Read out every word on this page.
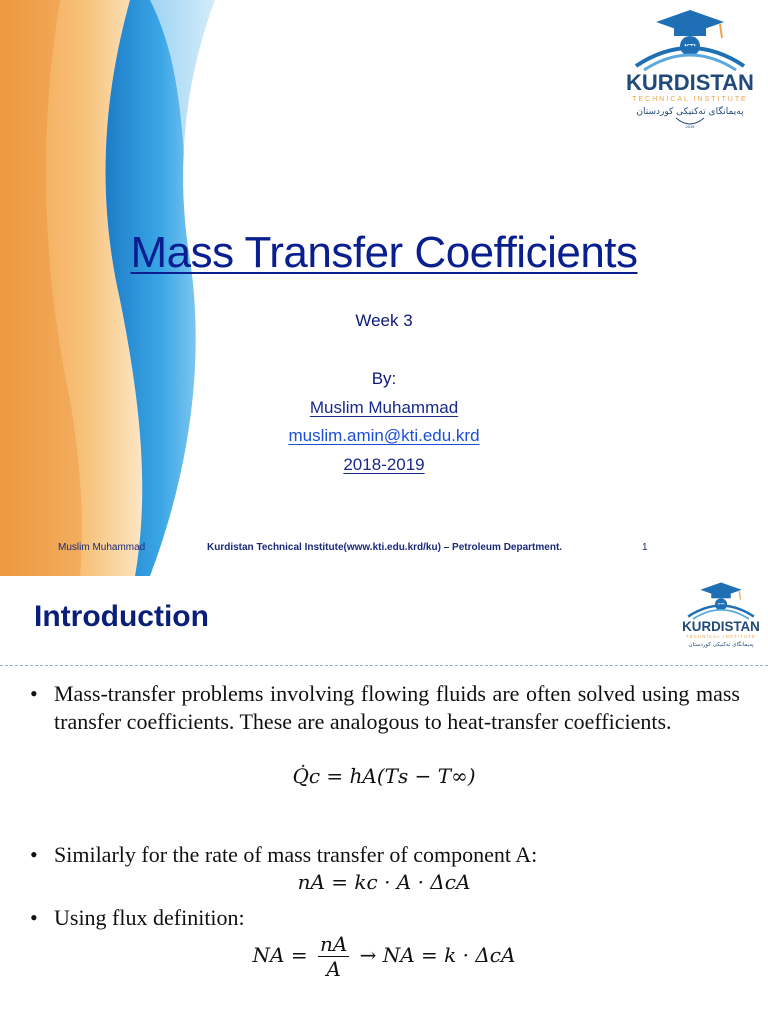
KTI
KURDISTAN
TECHNICAL INSTITUTE
پەیمانگای تەکنیکی کوردستان
2015
Mass Transfer Coefficients
Week 3
By:
Muslim Muhammad
muslim.amin@kti.edu.krd
2018-2019
Muslim Muhammad	Kurdistan Technical Institute(www.kti.edu.krd/ku) – Petroleum Department.	1
Introduction	KTI
KURDISTAN
TECHNICAL INSTITUTE
پەیمانگای تەکنیکی کوردستان
• Mass-transfer problems involving flowing fluids are often solved using mass transfer coefficients. These are analogous to heat-transfer coefficients.
Q̇𝑐 = ℎ𝐴(𝑇𝑠 − 𝑇∞)
• Similarly for the rate of mass transfer of component A:
𝑛𝐴 = 𝑘𝑐 · 𝐴 · Δ𝑐𝐴
• Using flux definition:
𝑁𝐴 = $\frac{\text{𝑛𝐴}}{\text{𝐴}}$ → 𝑁𝐴 = 𝑘 · Δ𝑐𝐴
